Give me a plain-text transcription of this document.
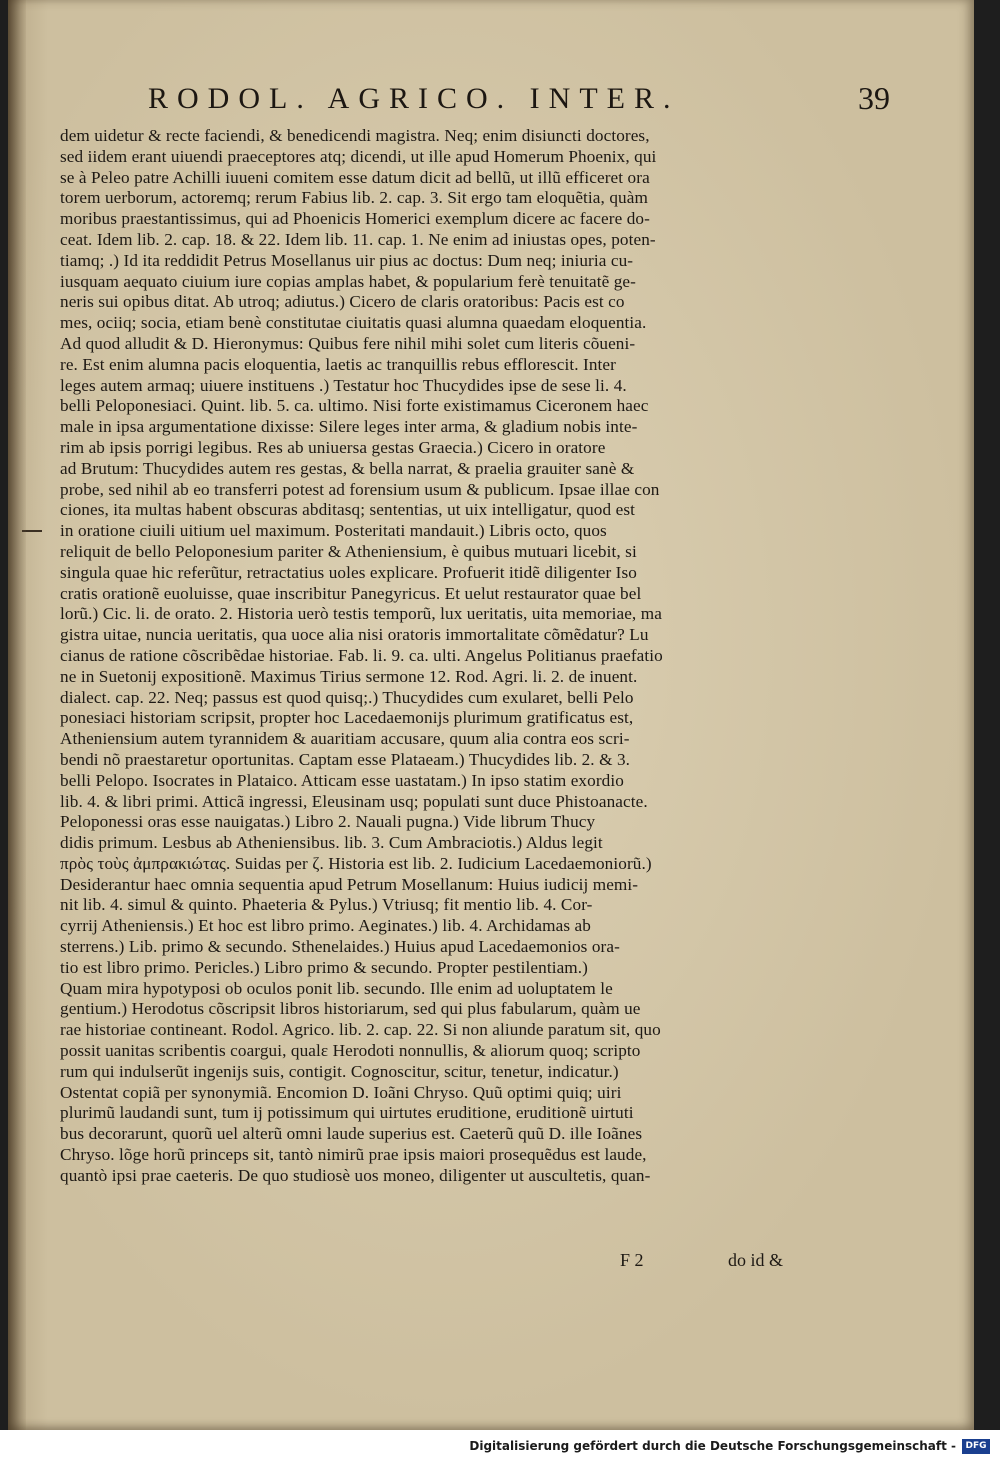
RODOL. AGRICO. INTER.	39
dem uidetur & recte faciendi, & benedicendi magistra. Neq; enim disiuncti doctores,
sed iidem erant uiuendi praeceptores atq; dicendi, ut ille apud Homerum Phoenix, qui
se à Peleo patre Achilli iuueni comitem esse datum dicit ad bellũ, ut illũ efficeret ora
torem uerborum, actoremq; rerum Fabius lib. 2. cap. 3. Sit ergo tam eloquẽtia, quàm
moribus praestantissimus, qui ad Phoenicis Homerici exemplum dicere ac facere do-
ceat. Idem lib. 2. cap. 18. & 22. Idem lib. 11. cap. 1. Ne enim ad iniustas opes, poten-
tiamq; .) Id ita reddidit Petrus Mosellanus uir pius ac doctus: Dum neq; iniuria cu-
iusquam aequato ciuium iure copias amplas habet, & popularium ferè tenuitatẽ ge-
neris sui opibus ditat. Ab utroq; adiutus.) Cicero de claris oratoribus: Pacis est co
mes, ociiq; socia, etiam benè constitutae ciuitatis quasi alumna quaedam eloquentia.
Ad quod alludit & D. Hieronymus: Quibus fere nihil mihi solet cum literis cõueni-
re. Est enim alumna pacis eloquentia, laetis ac tranquillis rebus efflorescit. Inter
leges autem armaq; uiuere instituens .) Testatur hoc Thucydides ipse de sese li. 4.
belli Peloponesiaci. Quint. lib. 5. ca. ultimo. Nisi forte existimamus Ciceronem haec
male in ipsa argumentatione dixisse: Silere leges inter arma, & gladium nobis inte-
rim ab ipsis porrigi legibus. Res ab uniuersa gestas Graecia.) Cicero in oratore
ad Brutum: Thucydides autem res gestas, & bella narrat, & praelia grauiter sanè &
probe, sed nihil ab eo transferri potest ad forensium usum & publicum. Ipsae illae con
ciones, ita multas habent obscuras abditasq; sententias, ut uix intelligatur, quod est
in oratione ciuili uitium uel maximum. Posteritati mandauit.) Libris octo, quos
reliquit de bello Peloponesium pariter & Atheniensium, è quibus mutuari licebit, si
singula quae hic referũtur, retractatius uoles explicare. Profuerit itidẽ diligenter Iso
cratis orationẽ euoluisse, quae inscribitur Panegyricus. Et uelut restaurator quae bel
lorũ.) Cic. li. de orato. 2. Historia uerò testis temporũ, lux ueritatis, uita memoriae, ma
gistra uitae, nuncia ueritatis, qua uoce alia nisi oratoris immortalitate cõmẽdatur? Lu
cianus de ratione cõscribẽdae historiae. Fab. li. 9. ca. ulti. Angelus Politianus praefatio
ne in Suetonij expositionẽ. Maximus Tirius sermone 12. Rod. Agri. li. 2. de inuent.
dialect. cap. 22. Neq; passus est quod quisq;.) Thucydides cum exularet, belli Pelo
ponesiaci historiam scripsit, propter hoc Lacedaemonijs plurimum gratificatus est,
Atheniensium autem tyrannidem & auaritiam accusare, quum alia contra eos scri-
bendi nõ praestaretur oportunitas. Captam esse Plataeam.) Thucydides lib. 2. & 3.
belli Pelopo. Isocrates in Plataico. Atticam esse uastatam.) In ipso statim exordio
lib. 4. & libri primi. Atticã ingressi, Eleusinam usq; populati sunt duce Phistoanacte.
Peloponessi oras esse nauigatas.) Libro 2. Nauali pugna.) Vide librum Thucy
didis primum. Lesbus ab Atheniensibus. lib. 3. Cum Ambraciotis.) Aldus legit
πρὸς τοὺς ἀμπρακιώτας. Suidas per ζ. Historia est lib. 2. Iudicium Lacedaemoniorũ.)
Desiderantur haec omnia sequentia apud Petrum Mosellanum: Huius iudicij memi-
nit lib. 4. simul & quinto. Phaeteria & Pylus.) Vtriusq; fit mentio lib. 4. Cor-
cyrrij Atheniensis.) Et hoc est libro primo. Aeginates.) lib. 4. Archidamas ab
sterrens.) Lib. primo & secundo. Sthenelaides.) Huius apud Lacedaemonios ora-
tio est libro primo. Pericles.) Libro primo & secundo. Propter pestilentiam.)
Quam mira hypotyposi ob oculos ponit lib. secundo. Ille enim ad uoluptatem le
gentium.) Herodotus cõscripsit libros historiarum, sed qui plus fabularum, quàm ue
rae historiae contineant. Rodol. Agrico. lib. 2. cap. 22. Si non aliunde paratum sit, quo
possit uanitas scribentis coargui, qualε Herodoti nonnullis, & aliorum quoq; scripto
rum qui indulserũt ingenijs suis, contigit. Cognoscitur, scitur, tenetur, indicatur.)
Ostentat copiã per synonymiã. Encomion D. Ioãni Chryso. Quũ optimi quiq; uiri
plurimũ laudandi sunt, tum ij potissimum qui uirtutes eruditione, eruditionẽ uirtuti
bus decorarunt, quorũ uel alterũ omni laude superius est. Caeterũ quũ D. ille Ioãnes
Chryso. lõge horũ princeps sit, tantò nimirũ prae ipsis maiori prosequẽdus est laude,
quantò ipsi prae caeteris. De quo studiosè uos moneo, diligenter ut auscultetis, quan-
F 2	do id &
Digitalisierung gefördert durch die Deutsche Forschungsgemeinschaft -	DFG
